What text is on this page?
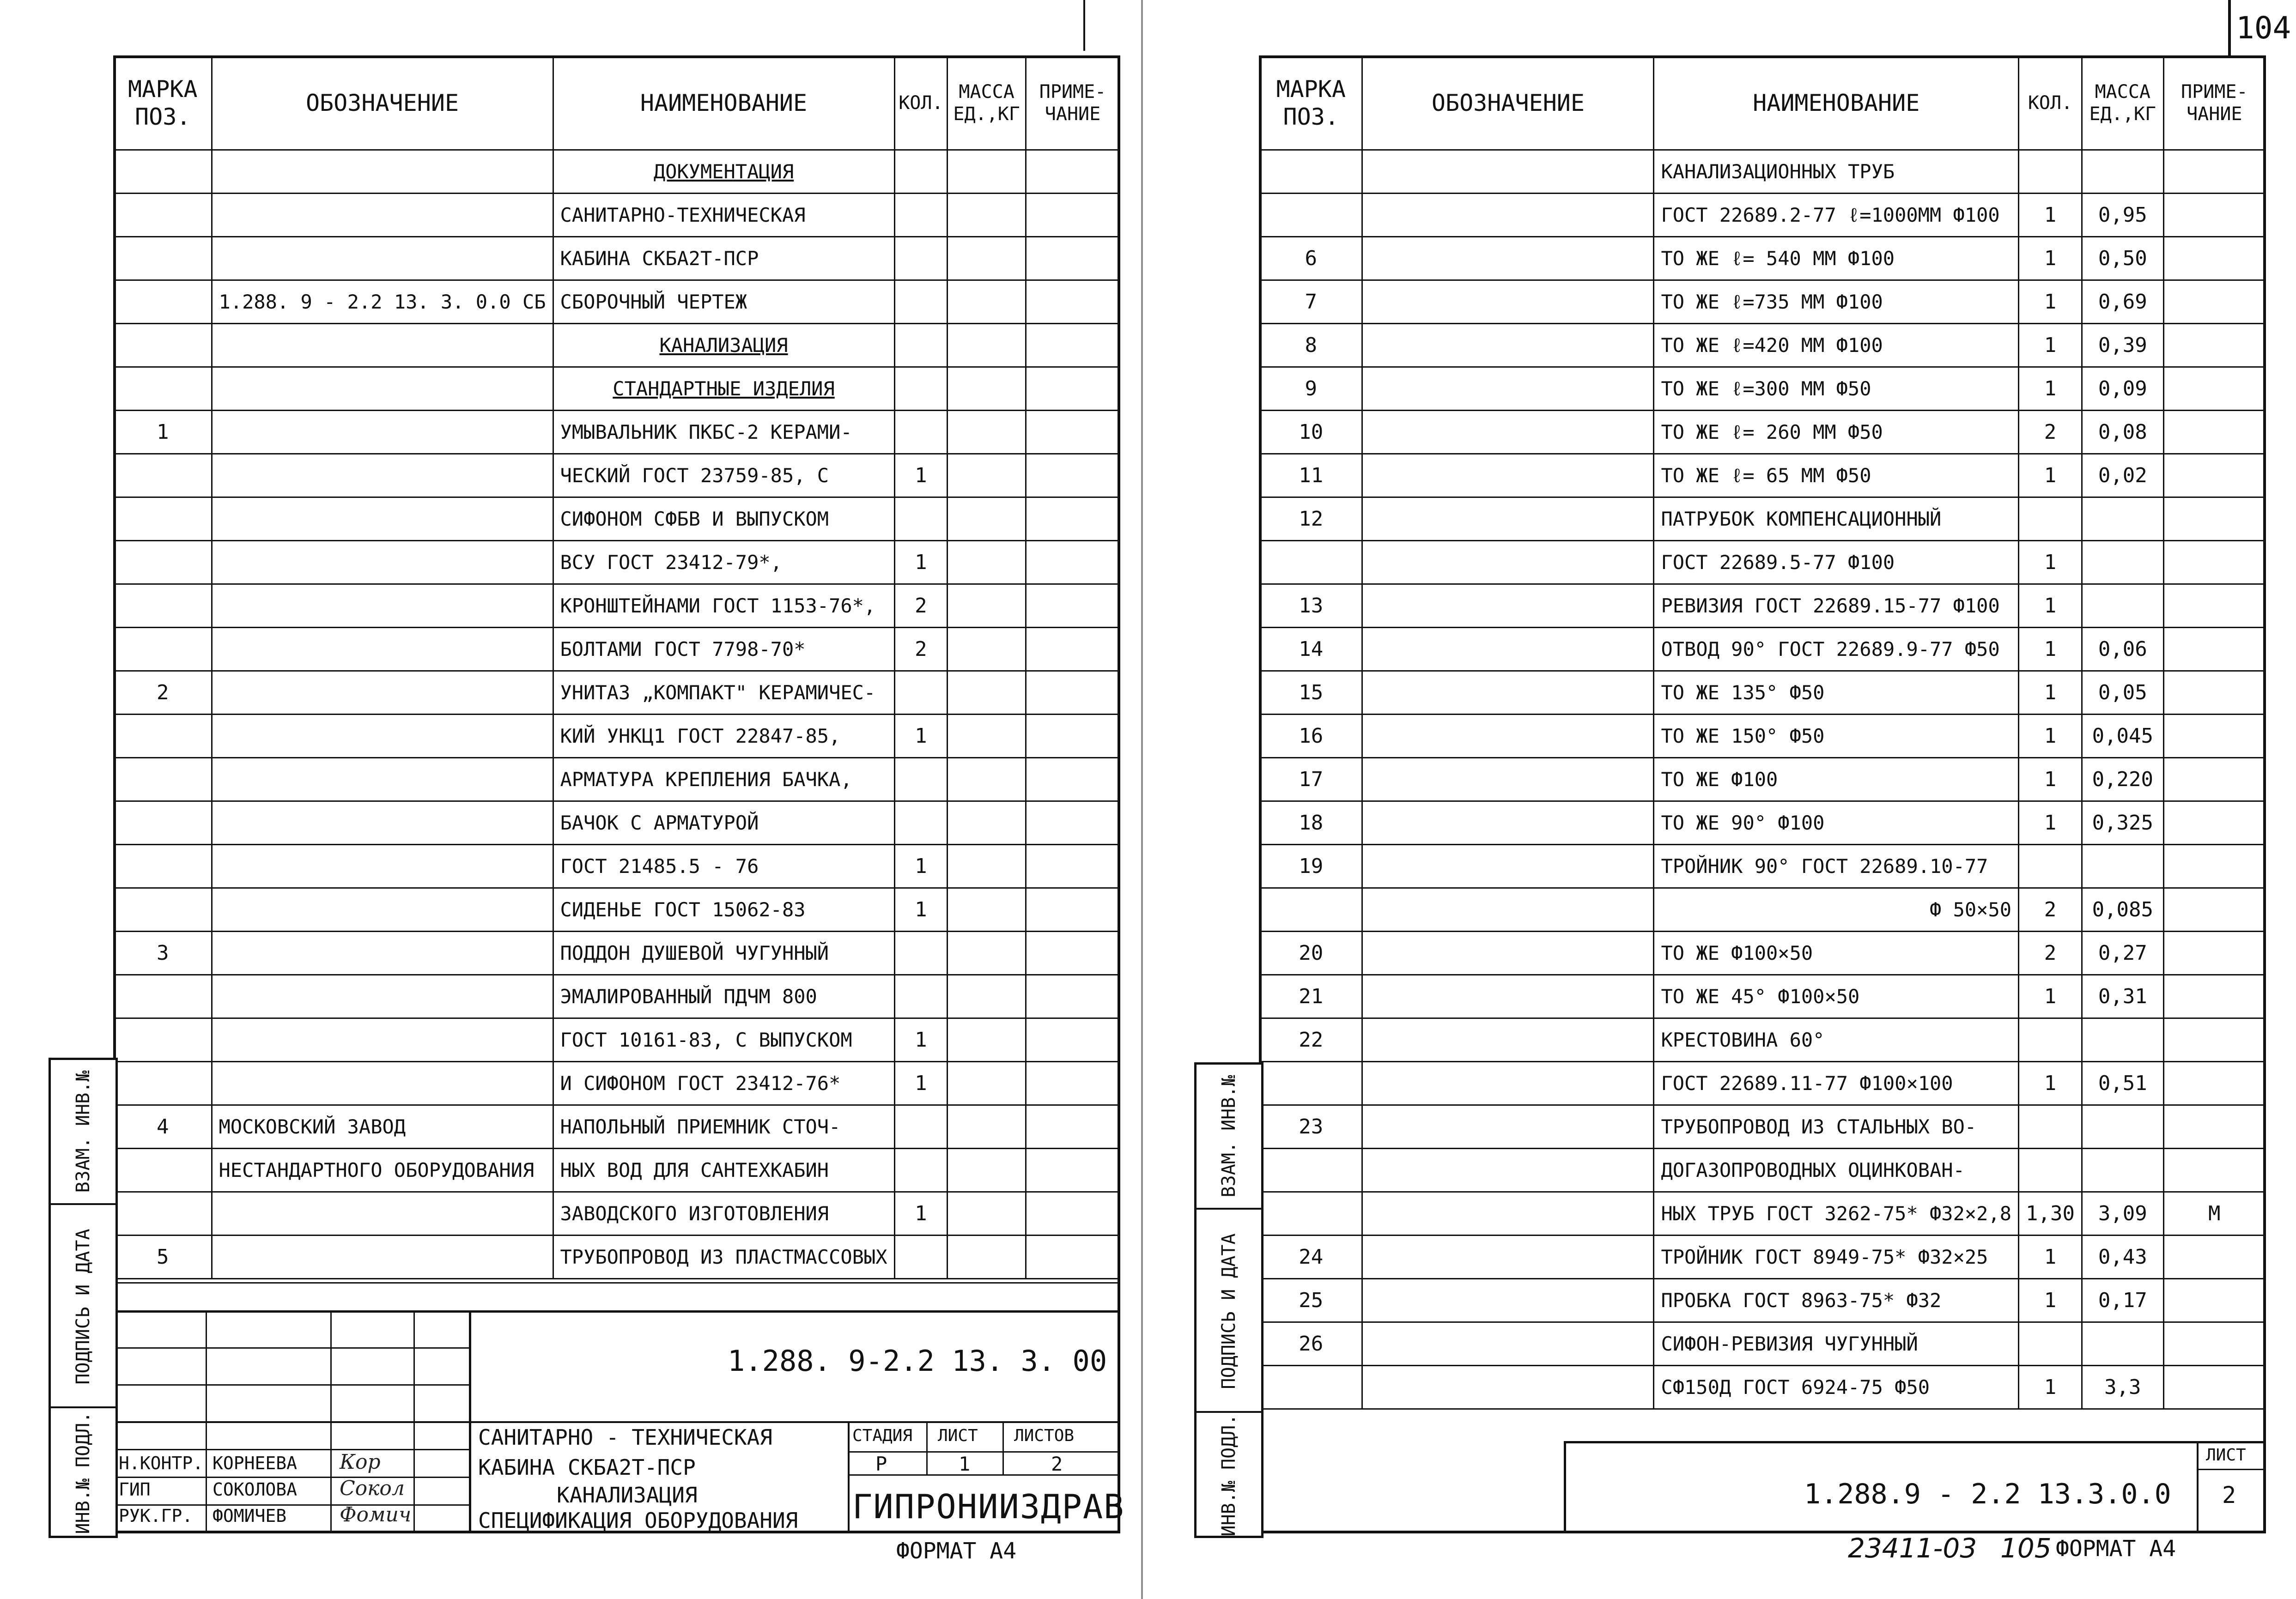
104
МАРКА ПОЗ.	ОБОЗНАЧЕНИЕ	НАИМЕНОВАНИЕ	КОЛ.	МАССА ЕД.,КГ	ПРИМЕ-ЧАНИЕ
		ДОКУМЕНТАЦИЯ			
		САНИТАРНО-ТЕХНИЧЕСКАЯ			
		КАБИНА СКБА2Т-ПСР			
	1.288. 9 - 2.2 13. 3. 0.0 СБ	СБОРОЧНЫЙ ЧЕРТЕЖ			
		КАНАЛИЗАЦИЯ			
		СТАНДАРТНЫЕ ИЗДЕЛИЯ			
1		УМЫВАЛЬНИК ПКБС-2 КЕРАМИ-			
		ЧЕСКИЙ ГОСТ 23759-85, С	1		
		СИФОНОМ СФБВ И ВЫПУСКОМ			
		ВСУ ГОСТ 23412-79*,	1		
		КРОНШТЕЙНАМИ ГОСТ 1153-76*,	2		
		БОЛТАМИ ГОСТ 7798-70*	2		
2		УНИТАЗ „КОМПАКТ" КЕРАМИЧЕС-			
		КИЙ УНКЦ1 ГОСТ 22847-85,	1		
		АРМАТУРА КРЕПЛЕНИЯ БАЧКА,			
		БАЧОК С АРМАТУРОЙ			
		ГОСТ 21485.5 - 76	1		
		СИДЕНЬЕ ГОСТ 15062-83	1		
3		ПОДДОН ДУШЕВОЙ ЧУГУННЫЙ			
		ЭМАЛИРОВАННЫЙ ПДЧМ 800			
		ГОСТ 10161-83, С ВЫПУСКОМ	1		
		И СИФОНОМ ГОСТ 23412-76*	1		
4	МОСКОВСКИЙ ЗАВОД	НАПОЛЬНЫЙ ПРИЕМНИК СТОЧ-			
	НЕСТАНДАРТНОГО ОБОРУДОВАНИЯ	НЫХ ВОД ДЛЯ САНТЕХКАБИН			
		ЗАВОДСКОГО ИЗГОТОВЛЕНИЯ	1		
5		ТРУБОПРОВОД ИЗ ПЛАСТМАССОВЫХ			
1.288. 9-2.2 13. 3. 00
Н.КОНТР.
ГИП
РУК.ГР.
КОРНЕЕВА
СОКОЛОВА
ФОМИЧЕВ
Кор
Сокол
Фомич
САНИТАРНО - ТЕХНИЧЕСКАЯ
КАБИНА СКБА2Т-ПСР
КАНАЛИЗАЦИЯ
СПЕЦИФИКАЦИЯ ОБОРУДОВАНИЯ
СТАДИЯ ЛИСТ ЛИСТОВ
Р	1	2
ГИПРОНИИЗДРАВ
ФОРМАТ А4
ВЗАМ. ИНВ.№
ПОДПИСЬ И ДАТА
ИНВ.№ ПОДЛ.
МАРКА ПОЗ.	ОБОЗНАЧЕНИЕ	НАИМЕНОВАНИЕ	КОЛ.	МАССА ЕД.,КГ	ПРИМЕ-ЧАНИЕ
		КАНАЛИЗАЦИОННЫХ ТРУБ			
		ГОСТ 22689.2-77 ℓ=1000ММ Ф100	1	0,95	
6		ТО ЖЕ ℓ= 540 ММ Ф100	1	0,50	
7		ТО ЖЕ ℓ=735 ММ Ф100	1	0,69	
8		ТО ЖЕ ℓ=420 ММ Ф100	1	0,39	
9		ТО ЖЕ ℓ=300 ММ Ф50	1	0,09	
10		ТО ЖЕ ℓ= 260 ММ Ф50	2	0,08	
11		ТО ЖЕ ℓ= 65 ММ Ф50	1	0,02	
12		ПАТРУБОК КОМПЕНСАЦИОННЫЙ			
		ГОСТ 22689.5-77 Ф100	1		
13		РЕВИЗИЯ ГОСТ 22689.15-77 Ф100	1		
14		ОТВОД 90° ГОСТ 22689.9-77 Ф50	1	0,06	
15		ТО ЖЕ 135° Ф50	1	0,05	
16		ТО ЖЕ 150° Ф50	1	0,045	
17		ТО ЖЕ Ф100	1	0,220	
18		ТО ЖЕ 90° Ф100	1	0,325	
19		ТРОЙНИК 90° ГОСТ 22689.10-77			
		Ф 50×50	2	0,085	
20		ТО ЖЕ Ф100×50	2	0,27	
21		ТО ЖЕ 45° Ф100×50	1	0,31	
22		КРЕСТОВИНА 60°			
		ГОСТ 22689.11-77 Ф100×100	1	0,51	
23		ТРУБОПРОВОД ИЗ СТАЛЬНЫХ ВО-			
		ДОГАЗОПРОВОДНЫХ ОЦИНКОВАН-			
		НЫХ ТРУБ ГОСТ 3262-75* Ф32×2,8	1,30	3,09	М
24		ТРОЙНИК ГОСТ 8949-75* Ф32×25	1	0,43	
25		ПРОБКА ГОСТ 8963-75* Ф32	1	0,17	
26		СИФОН-РЕВИЗИЯ ЧУГУННЫЙ			
		СФ150Д ГОСТ 6924-75 Ф50	1	3,3	
1.288.9 - 2.2 13.3.0.0
ЛИСТ
2
23411-03 105 ФОРМАТ А4
ВЗАМ. ИНВ.№
ПОДПИСЬ И ДАТА
ИНВ.№ ПОДЛ.
